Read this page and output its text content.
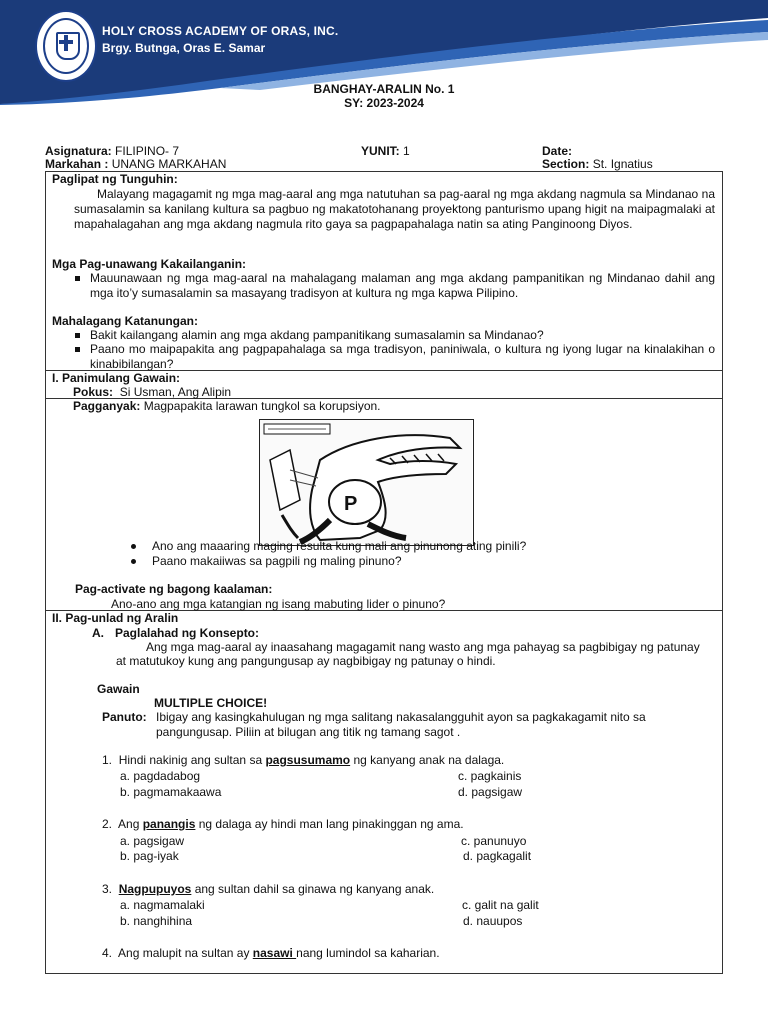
HOLY CROSS ACADEMY OF ORAS, INC.
Brgy. Butnga, Oras E. Samar
BANGHAY-ARALIN No. 1
SY: 2023-2024
Asignatura: FILIPINO- 7	YUNIT: 1	Date:
Markahan : UNANG MARKAHAN	Section: St. Ignatius
Paglipat ng Tunguhin:
Malayang magagamit ng mga mag-aaral ang mga natutuhan sa pag-aaral ng mga akdang nagmula sa Mindanao na sumasalamin sa kanilang kultura sa pagbuo ng makatotohanang proyektong panturismo upang higit na maipagmalaki at mapahalagahan ang mga akdang nagmula rito gaya sa pagpapahalaga natin sa ating Panginoong Diyos.
Mga Pag-unawang Kakailanganin:
Mauunawaan ng mga mag-aaral na mahalagang malaman ang mga akdang pampanitikan ng Mindanao dahil ang mga ito’y sumasalamin sa masayang tradisyon at kultura ng mga kapwa Pilipino.
Mahalagang Katanungan:
Bakit kailangang alamin ang mga akdang pampanitikang sumasalamin sa Mindanao?
Paano mo maipapakita ang pagpapahalaga sa mga tradisyon, paniniwala, o kultura ng iyong lugar na kinalakihan o kinabibilangan?
I. Panimulang Gawain:
Pokus: Si Usman, Ang Alipin
Pagganyak: Magpapakita larawan tungkol sa korupsiyon.
P
Ano ang maaaring maging resulta kung mali ang pinunong ating pinili?
Paano makaiiwas sa pagpili ng maling pinuno?
Pag-activate ng bagong kaalaman:
Ano-ano ang mga katangian ng isang mabuting lider o pinuno?
II. Pag-unlad ng Aralin
A. Paglalahad ng Konsepto:
Ang mga mag-aaral ay inaasahang magagamit nang wasto ang mga pahayag sa pagbibigay ng patunay
at matutukoy kung ang pangungusap ay nagbibigay ng patunay o hindi.
Gawain
MULTIPLE CHOICE!
Panuto: Ibigay ang kasingkahulugan ng mga salitang nakasalangguhit ayon sa pagkakagamit nito sa
pangungusap. Piliin at bilugan ang titik ng tamang sagot .
1. Hindi nakinig ang sultan sa pagsusumamo ng kanyang anak na dalaga.
a. pagdadabog
b. pagmamakaawa
c. pagkainis
d. pagsigaw
2. Ang panangis ng dalaga ay hindi man lang pinakinggan ng ama.
a. pagsigaw
b. pag-iyak
c. panunuyo
d. pagkagalit
3. Nagpupuyos ang sultan dahil sa ginawa ng kanyang anak.
a. nagmamalaki
b. nanghihina
c. galit na galit
d. nauupos
4. Ang malupit na sultan ay nasawi nang lumindol sa kaharian.
